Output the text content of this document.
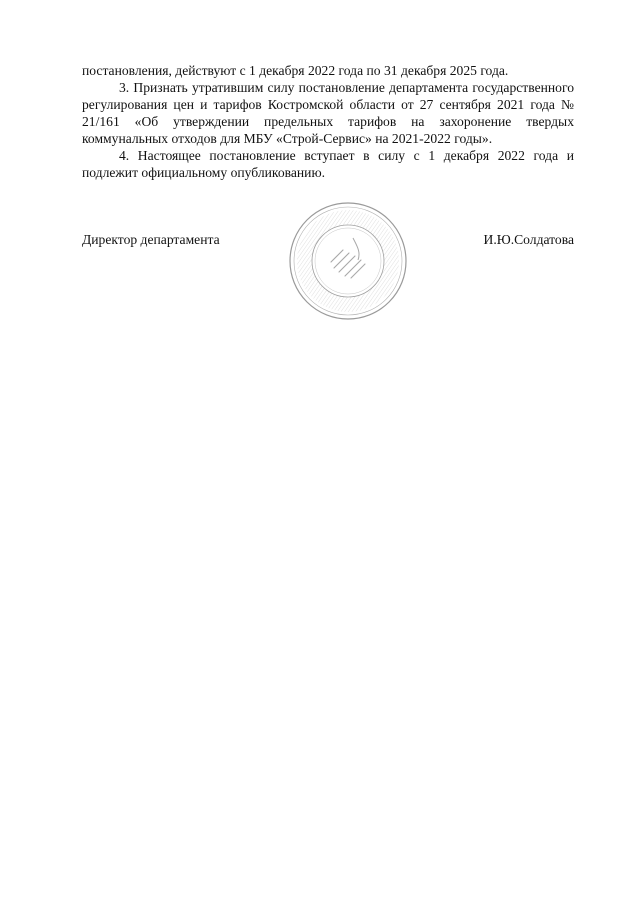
постановления, действуют с 1 декабря 2022 года по 31 декабря 2025 года.

3. Признать утратившим силу постановление департамента государственного регулирования цен и тарифов Костромской области от 27 сентября 2021 года № 21/161 «Об утверждении предельных тарифов на захоронение твердых коммунальных отходов для МБУ «Строй-Сервис» на 2021-2022 годы».

4. Настоящее постановление вступает в силу с 1 декабря 2022 года и подлежит официальному опубликованию.

Директор департамента	И.Ю.Солдатова
